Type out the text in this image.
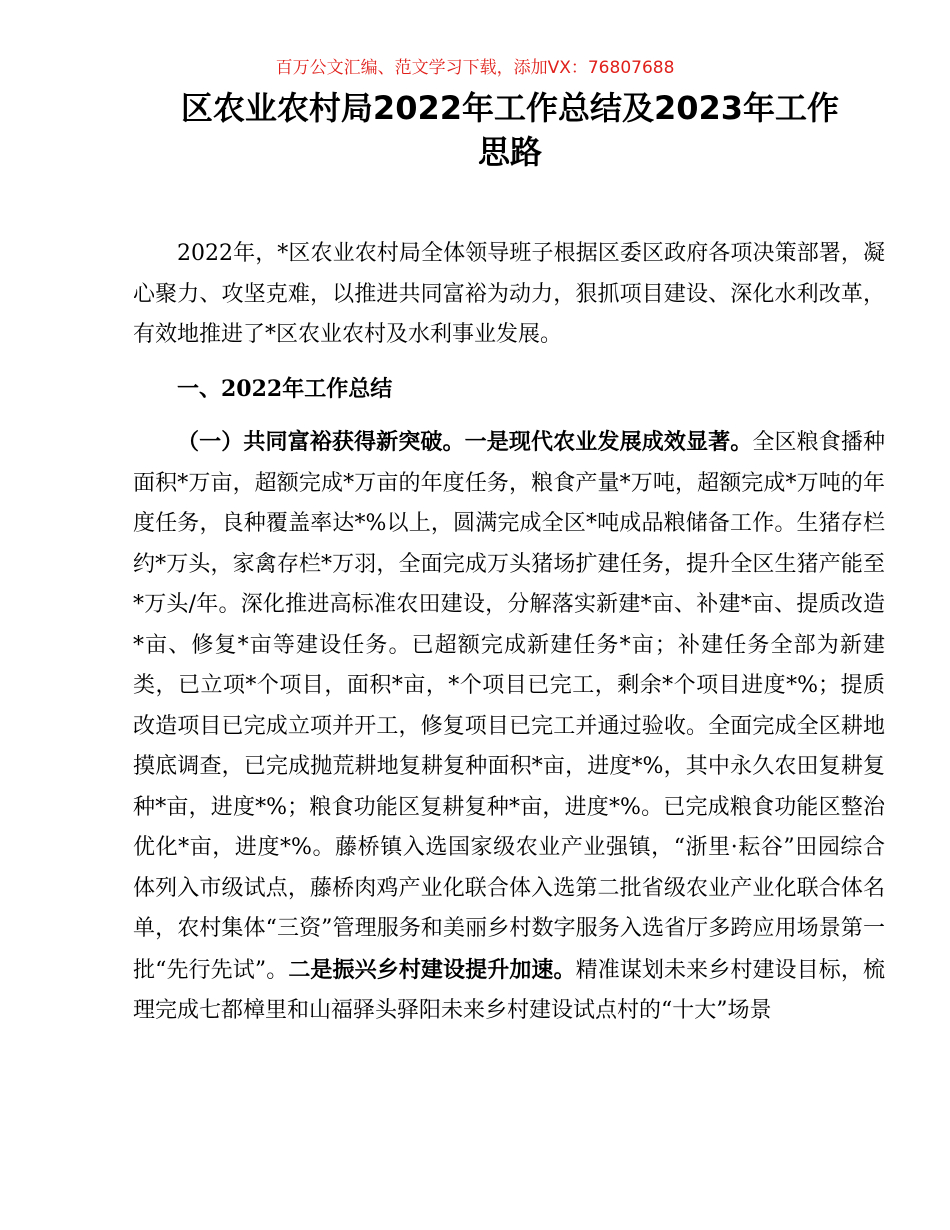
百万公文汇编、范文学习下载，添加VX：76807688
区农业农村局2022年工作总结及2023年工作
思路

2022年，*区农业农村局全体领导班子根据区委区政府各项决策部署，凝心聚力、攻坚克难，以推进共同富裕为动力，狠抓项目建设、深化水利改革，有效地推进了*区农业农村及水利事业发展。

一、2022年工作总结

（一）共同富裕获得新突破。一是现代农业发展成效显著。全区粮食播种面积*万亩，超额完成*万亩的年度任务，粮食产量*万吨，超额完成*万吨的年度任务，良种覆盖率达*%以上，圆满完成全区*吨成品粮储备工作。生猪存栏约*万头，家禽存栏*万羽，全面完成万头猪场扩建任务，提升全区生猪产能至*万头/年。深化推进高标准农田建设，分解落实新建*亩、补建*亩、提质改造*亩、修复*亩等建设任务。已超额完成新建任务*亩；补建任务全部为新建类，已立项*个项目，面积*亩，*个项目已完工，剩余*个项目进度*%；提质改造项目已完成立项并开工，修复项目已完工并通过验收。全面完成全区耕地摸底调查，已完成抛荒耕地复耕复种面积*亩，进度*%，其中永久农田复耕复种*亩，进度*%；粮食功能区复耕复种*亩，进度*%。已完成粮食功能区整治优化*亩，进度*%。藤桥镇入选国家级农业产业强镇，“浙里·耘谷”田园综合体列入市级试点，藤桥肉鸡产业化联合体入选第二批省级农业产业化联合体名单，农村集体“三资”管理服务和美丽乡村数字服务入选省厅多跨应用场景第一批“先行先试”。二是振兴乡村建设提升加速。精准谋划未来乡村建设目标，梳理完成七都樟里和山福驿头驿阳未来乡村建设试点村的“十大”场景
